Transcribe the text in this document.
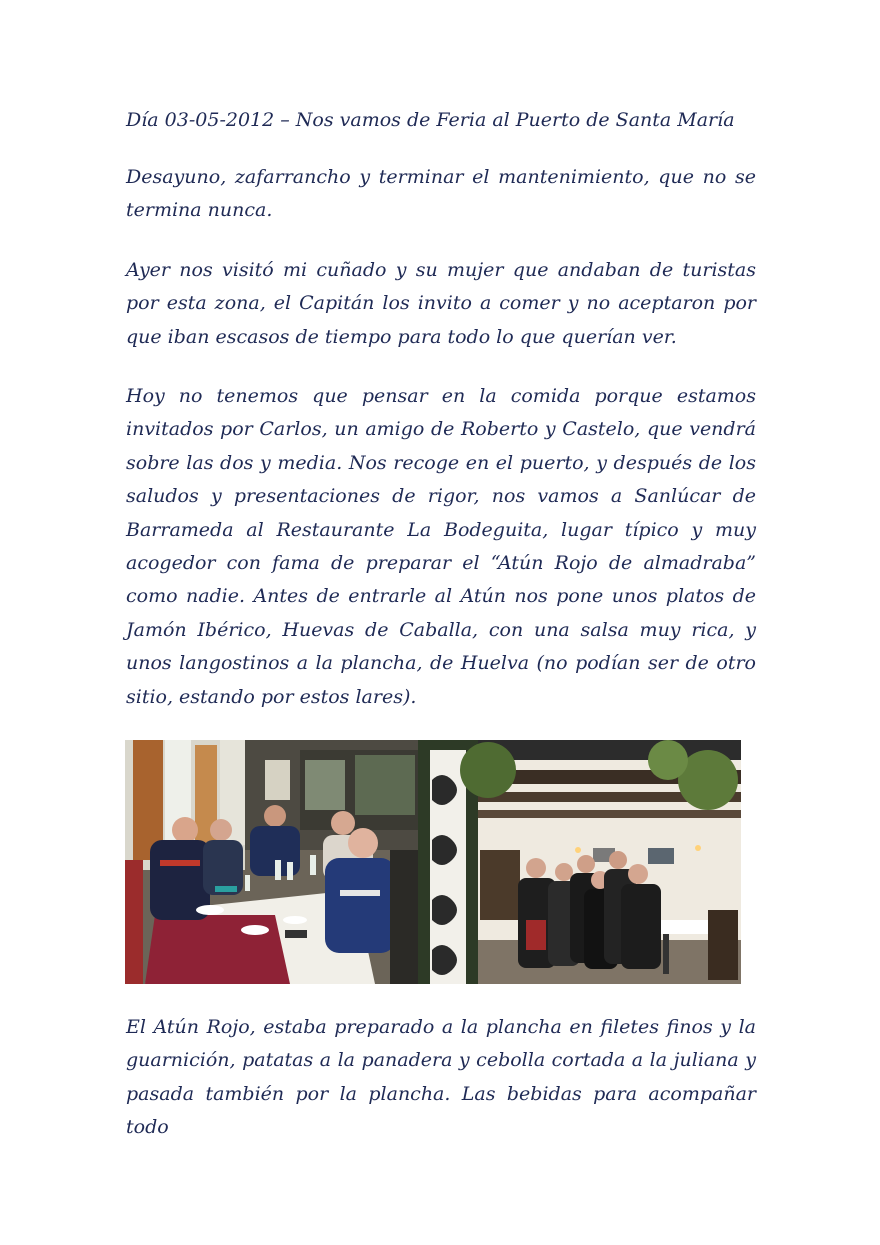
Día 03-05-2012 – Nos vamos de Feria al Puerto de Santa María

Desayuno, zafarrancho y terminar el mantenimiento, que no se termina nunca.

Ayer nos visitó mi cuñado y su mujer que andaban de turistas por esta zona, el Capitán los invito a comer y no aceptaron por que iban escasos de tiempo para todo lo que querían ver.

Hoy no tenemos que pensar en la comida porque estamos invitados por Carlos, un amigo de Roberto y Castelo, que vendrá sobre las dos y media. Nos recoge en el puerto, y después de los saludos y presentaciones de rigor, nos vamos a Sanlúcar de Barrameda al Restaurante La Bodeguita, lugar típico y muy acogedor con fama de preparar el “Atún Rojo de almadraba” como nadie. Antes de entrarle al Atún nos pone unos platos de Jamón Ibérico, Huevas de Caballa, con una salsa muy rica, y unos langostinos a la plancha, de Huelva (no podían ser de otro sitio, estando por estos lares).

El Atún Rojo, estaba preparado a la plancha en filetes finos y la guarnición, patatas a la panadera y cebolla cortada a la juliana y pasada también por la plancha. Las bebidas para acompañar todo
